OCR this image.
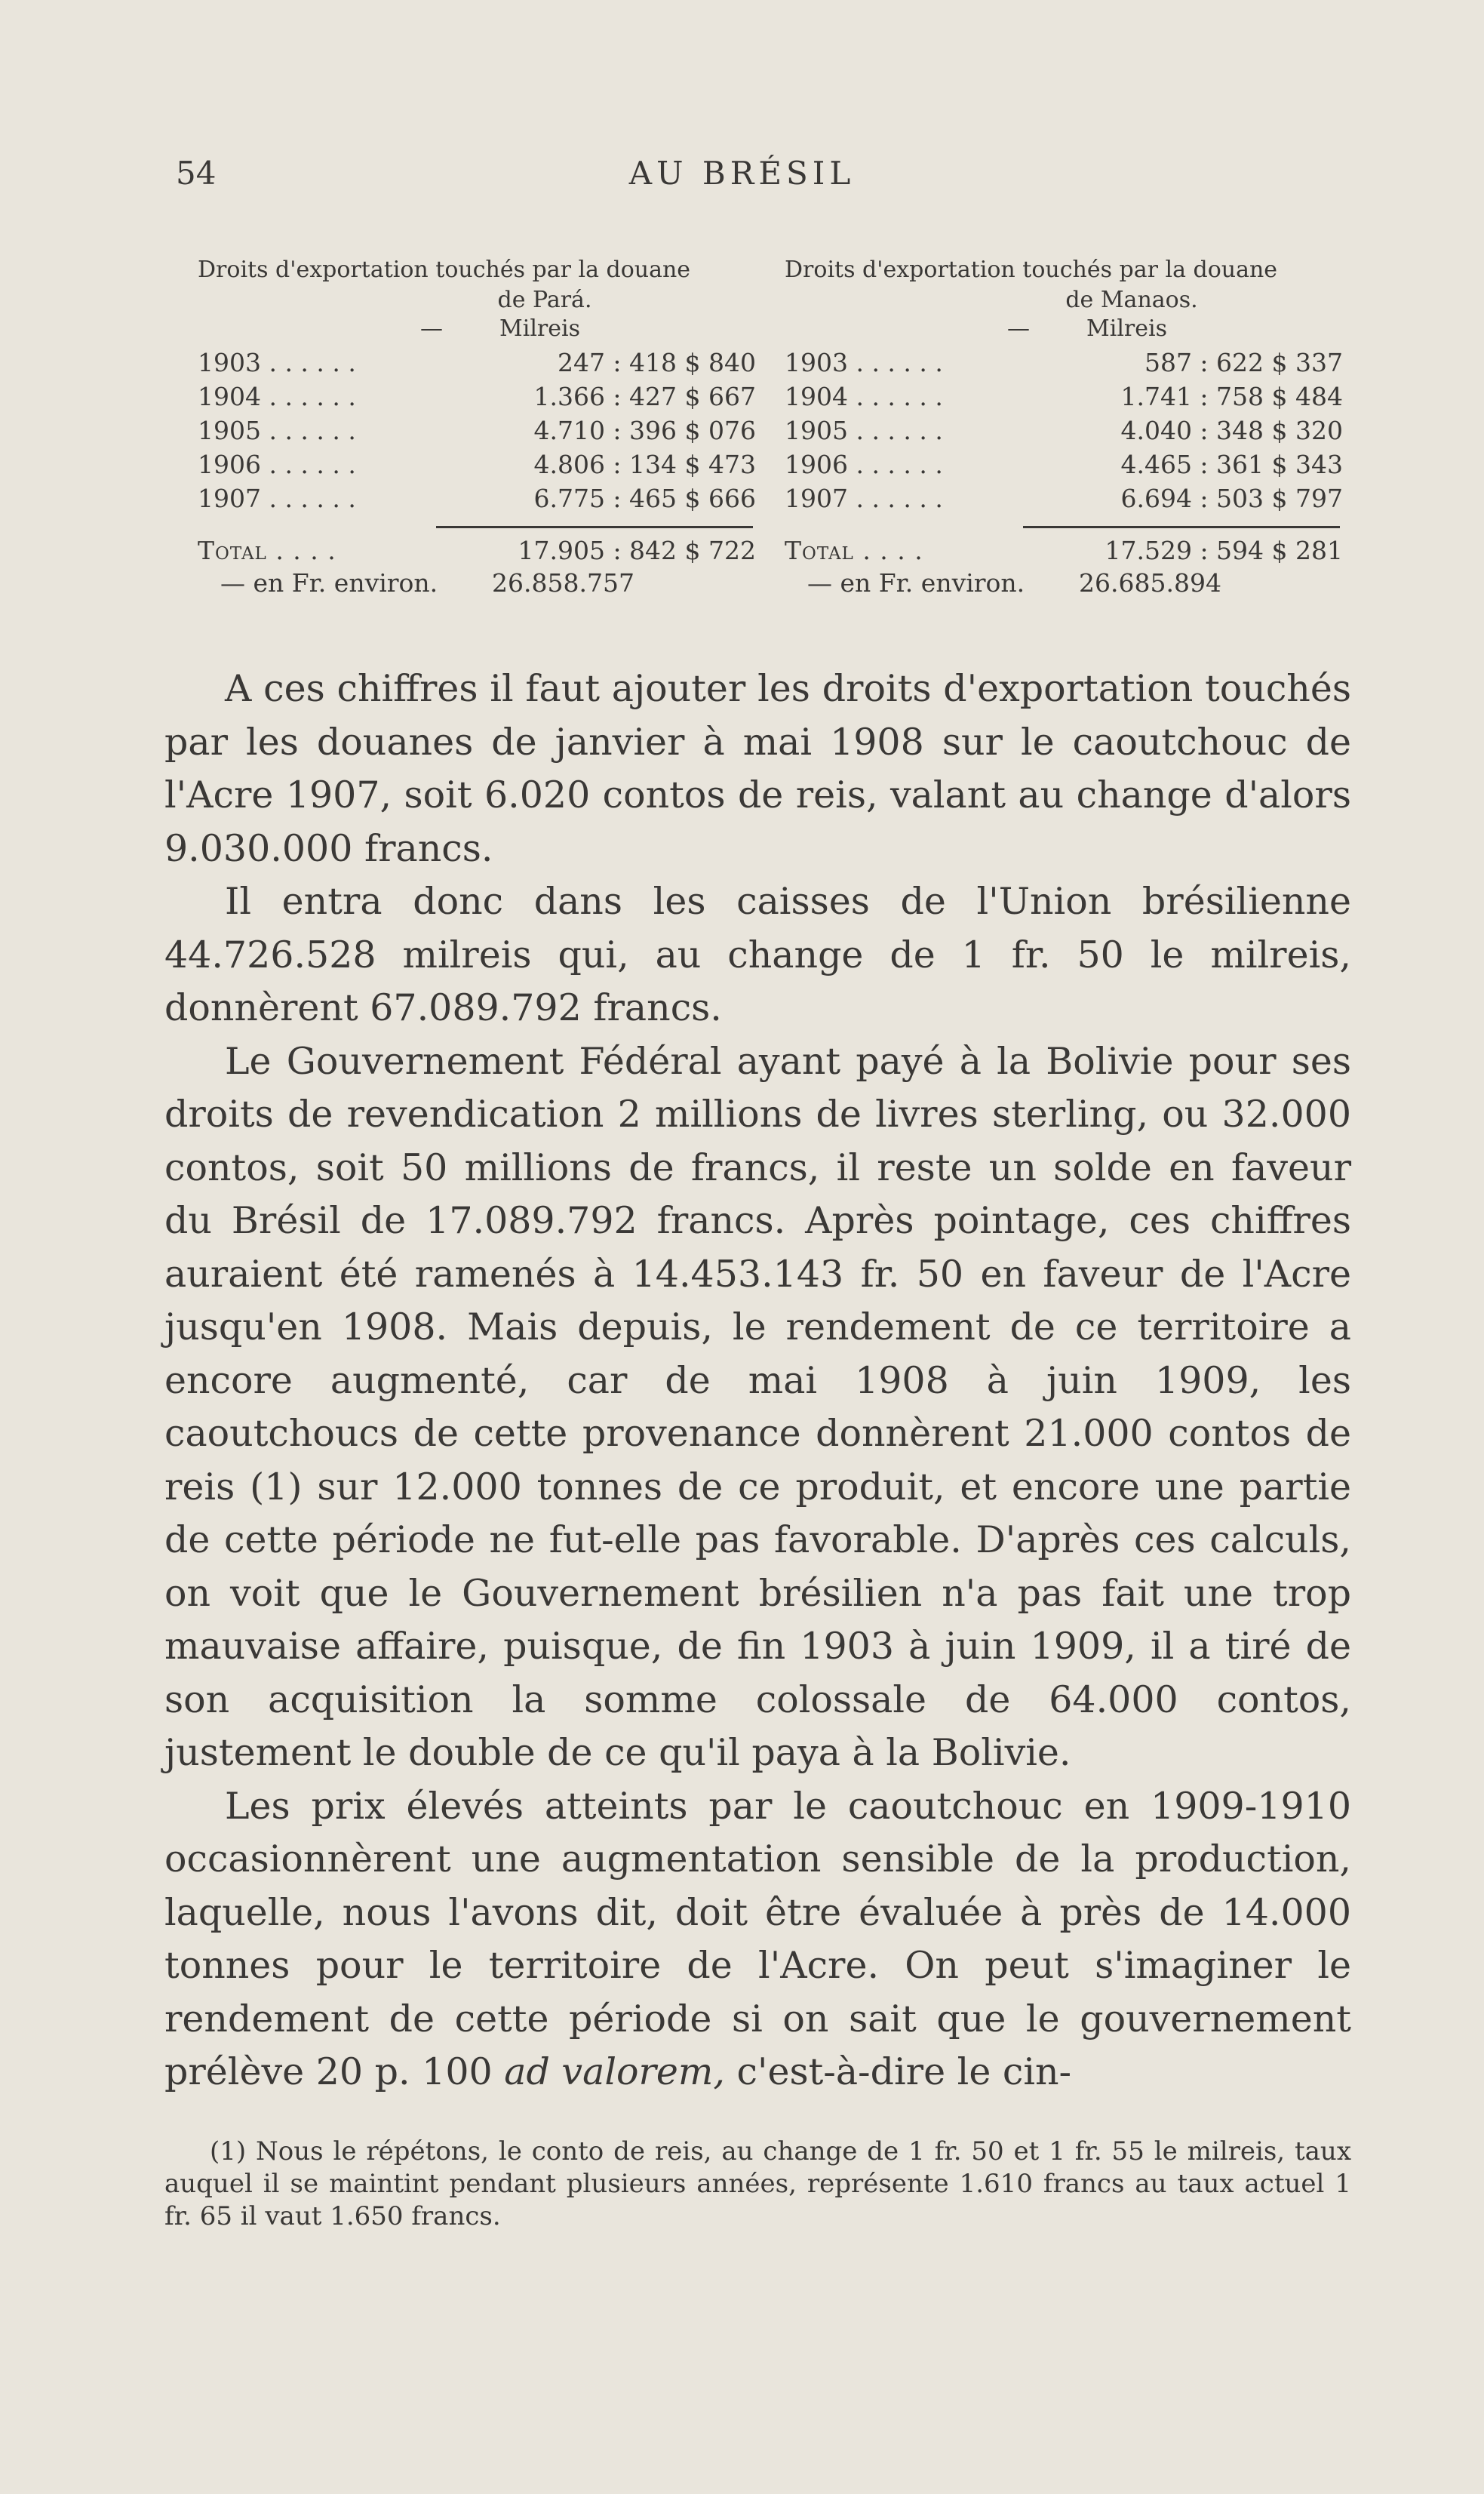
54	AU BRÉSIL
Droits d'exportation touchés par la douane
de Pará.
—	Milreis
1903 . . . . . .	247 : 418 $ 840
1904 . . . . . .	1.366 : 427 $ 667
1905 . . . . . .	4.710 : 396 $ 076
1906 . . . . . .	4.806 : 134 $ 473
1907 . . . . . .	6.775 : 465 $ 666
Total . . . .	17.905 : 842 $ 722
— en Fr. environ.	26.858.757
Droits d'exportation touchés par la douane
de Manaos.
—	Milreis
1903 . . . . . .	587 : 622 $ 337
1904 . . . . . .	1.741 : 758 $ 484
1905 . . . . . .	4.040 : 348 $ 320
1906 . . . . . .	4.465 : 361 $ 343
1907 . . . . . .	6.694 : 503 $ 797
Total . . . .	17.529 : 594 $ 281
— en Fr. environ.	26.685.894

A ces chiffres il faut ajouter les droits d'exportation touchés par les douanes de janvier à mai 1908 sur le caoutchouc de l'Acre 1907, soit 6.020 contos de reis, valant au change d'alors 9.030.000 francs.

Il entra donc dans les caisses de l'Union brésilienne 44.726.528 milreis qui, au change de 1 fr. 50 le milreis, donnèrent 67.089.792 francs.

Le Gouvernement Fédéral ayant payé à la Bolivie pour ses droits de revendication 2 millions de livres sterling, ou 32.000 contos, soit 50 millions de francs, il reste un solde en faveur du Brésil de 17.089.792 francs. Après pointage, ces chiffres auraient été ramenés à 14.453.143 fr. 50 en faveur de l'Acre jusqu'en 1908. Mais depuis, le rendement de ce territoire a encore augmenté, car de mai 1908 à juin 1909, les caoutchoucs de cette provenance donnèrent 21.000 contos de reis (1) sur 12.000 tonnes de ce produit, et encore une partie de cette période ne fut-elle pas favorable. D'après ces calculs, on voit que le Gouvernement brésilien n'a pas fait une trop mauvaise affaire, puisque, de fin 1903 à juin 1909, il a tiré de son acquisition la somme colossale de 64.000 contos, justement le double de ce qu'il paya à la Bolivie.

Les prix élevés atteints par le caoutchouc en 1909-1910 occasionnèrent une augmentation sensible de la production, laquelle, nous l'avons dit, doit être évaluée à près de 14.000 tonnes pour le territoire de l'Acre. On peut s'imaginer le rendement de cette période si on sait que le gouvernement prélève 20 p. 100 ad valorem, c'est-à-dire le cin-

(1) Nous le répétons, le conto de reis, au change de 1 fr. 50 et 1 fr. 55 le milreis, taux auquel il se maintint pendant plusieurs années, représente 1.610 francs au taux actuel 1 fr. 65 il vaut 1.650 francs.
